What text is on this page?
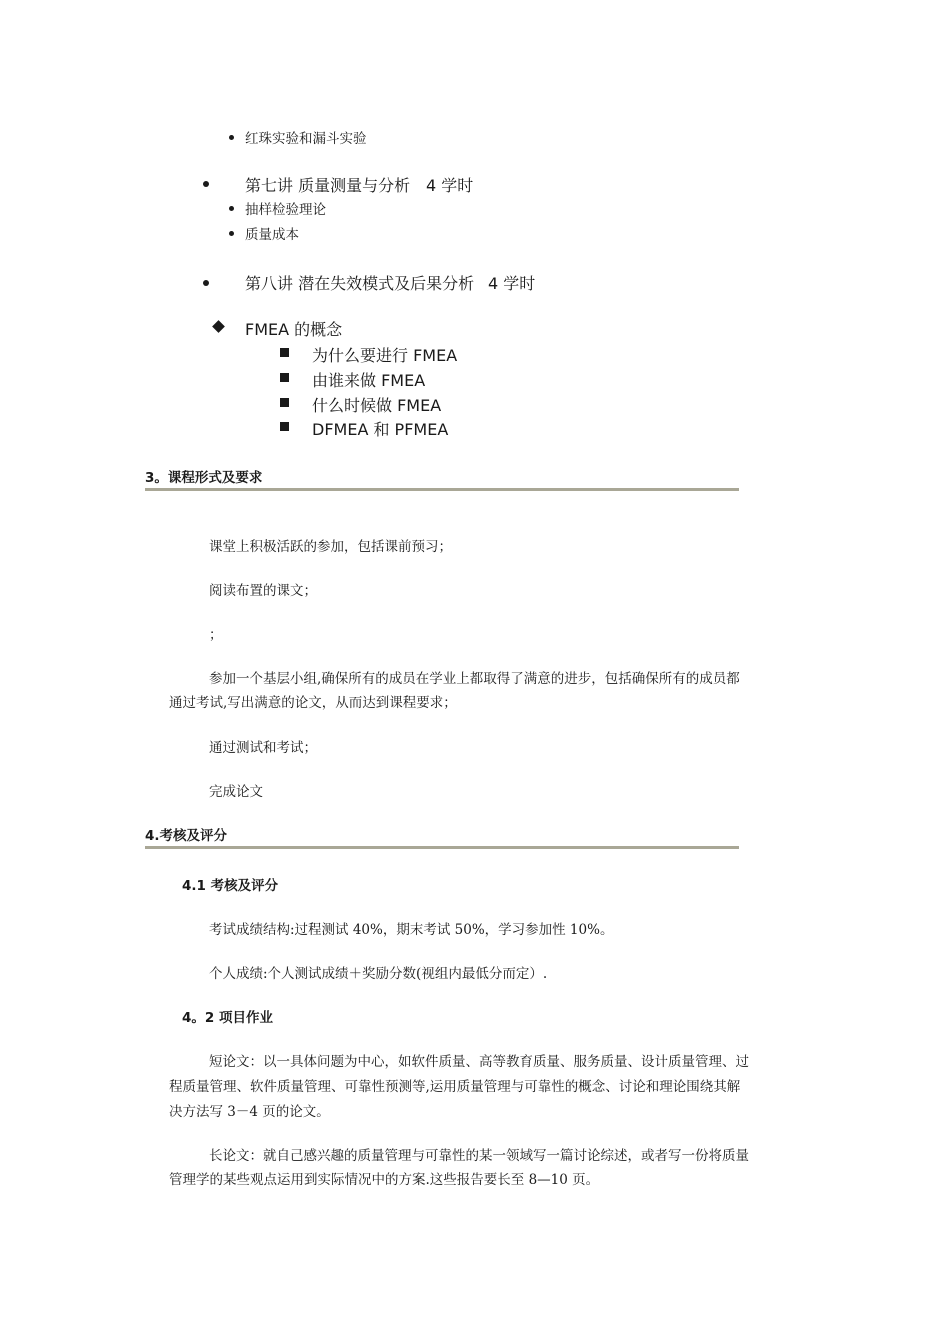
红珠实验和漏斗实验
第七讲 质量测量与分析 4 学时
抽样检验理论
质量成本
第八讲 潜在失效模式及后果分析 4 学时
FMEA 的概念
为什么要进行 FMEA
由谁来做 FMEA
什么时候做 FMEA
DFMEA 和 PFMEA
3。课程形式及要求
课堂上积极活跃的参加，包括课前预习；
阅读布置的课文；
；
参加一个基层小组,确保所有的成员在学业上都取得了满意的进步，包括确保所有的成员都
通过考试,写出满意的论文，从而达到课程要求；
通过测试和考试；
完成论文
4.考核及评分
4.1 考核及评分
考试成绩结构:过程测试 40%，期末考试 50%，学习参加性 10%。
个人成绩:个人测试成绩＋奖励分数(视组内最低分而定）.
4。2 项目作业
短论文：以一具体问题为中心，如软件质量、高等教育质量、服务质量、设计质量管理、过
程质量管理、软件质量管理、可靠性预测等,运用质量管理与可靠性的概念、讨论和理论围绕其解
决方法写 3－4 页的论文。
长论文：就自己感兴趣的质量管理与可靠性的某一领域写一篇讨论综述，或者写一份将质量
管理学的某些观点运用到实际情况中的方案.这些报告要长至 8—10 页。
